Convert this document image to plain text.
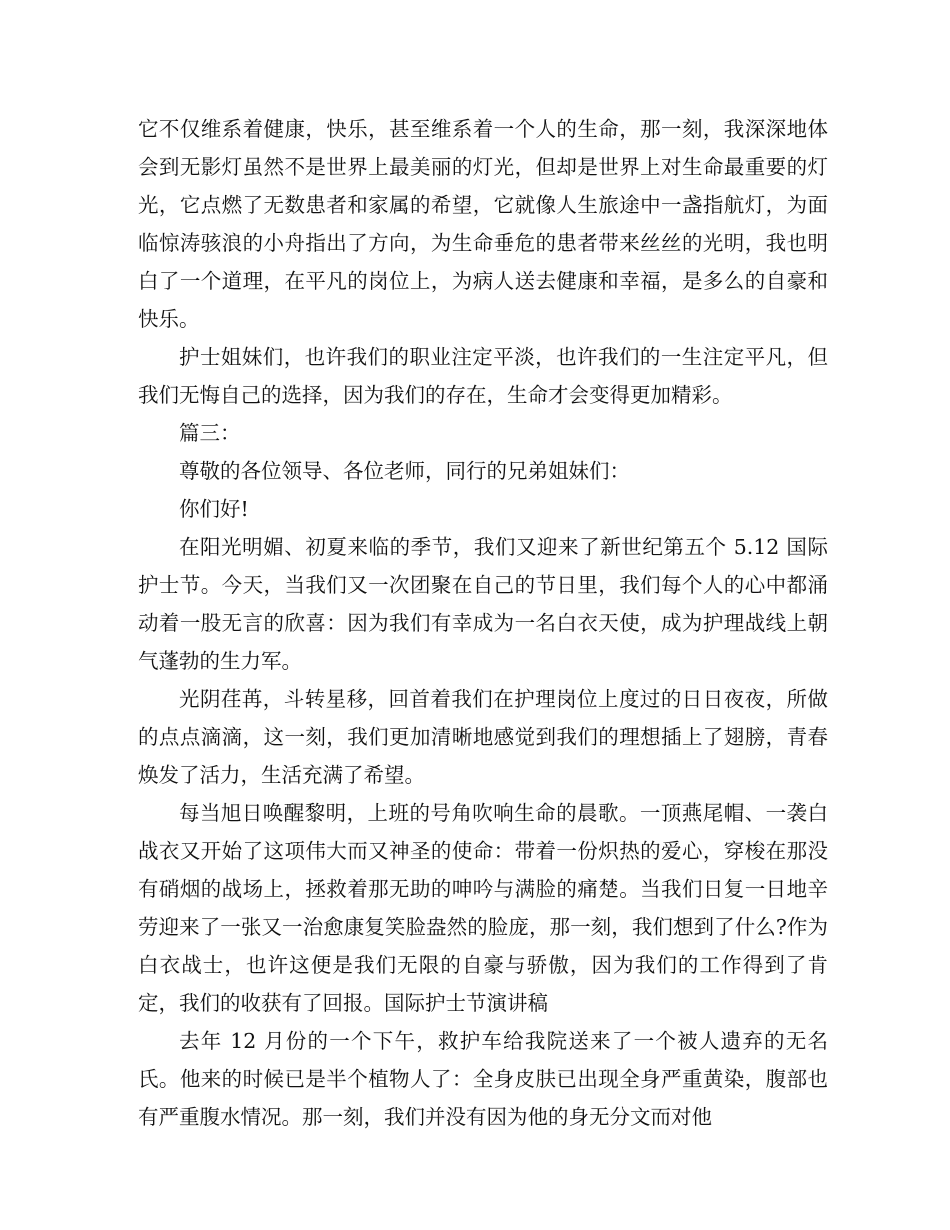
它不仅维系着健康，快乐，甚至维系着一个人的生命，那一刻，我深深地体会到无影灯虽然不是世界上最美丽的灯光，但却是世界上对生命最重要的灯光，它点燃了无数患者和家属的希望，它就像人生旅途中一盏指航灯，为面临惊涛骇浪的小舟指出了方向，为生命垂危的患者带来丝丝的光明，我也明白了一个道理，在平凡的岗位上，为病人送去健康和幸福，是多么的自豪和快乐。

护士姐妹们，也许我们的职业注定平淡，也许我们的一生注定平凡，但我们无悔自己的选择，因为我们的存在，生命才会变得更加精彩。

篇三：

尊敬的各位领导、各位老师，同行的兄弟姐妹们：

你们好!

在阳光明媚、初夏来临的季节，我们又迎来了新世纪第五个 5.12 国际护士节。今天，当我们又一次团聚在自己的节日里，我们每个人的心中都涌动着一股无言的欣喜：因为我们有幸成为一名白衣天使，成为护理战线上朝气蓬勃的生力军。

光阴荏苒，斗转星移，回首着我们在护理岗位上度过的日日夜夜，所做的点点滴滴，这一刻，我们更加清晰地感觉到我们的理想插上了翅膀，青春焕发了活力，生活充满了希望。

每当旭日唤醒黎明，上班的号角吹响生命的晨歌。一顶燕尾帽、一袭白战衣又开始了这项伟大而又神圣的使命：带着一份炽热的爱心，穿梭在那没有硝烟的战场上，拯救着那无助的呻吟与满脸的痛楚。当我们日复一日地辛劳迎来了一张又一治愈康复笑脸盎然的脸庞，那一刻，我们想到了什么?作为白衣战士，也许这便是我们无限的自豪与骄傲，因为我们的工作得到了肯定，我们的收获有了回报。国际护士节演讲稿

去年 12 月份的一个下午，救护车给我院送来了一个被人遗弃的无名氏。他来的时候已是半个植物人了：全身皮肤已出现全身严重黄染，腹部也有严重腹水情况。那一刻，我们并没有因为他的身无分文而对他
